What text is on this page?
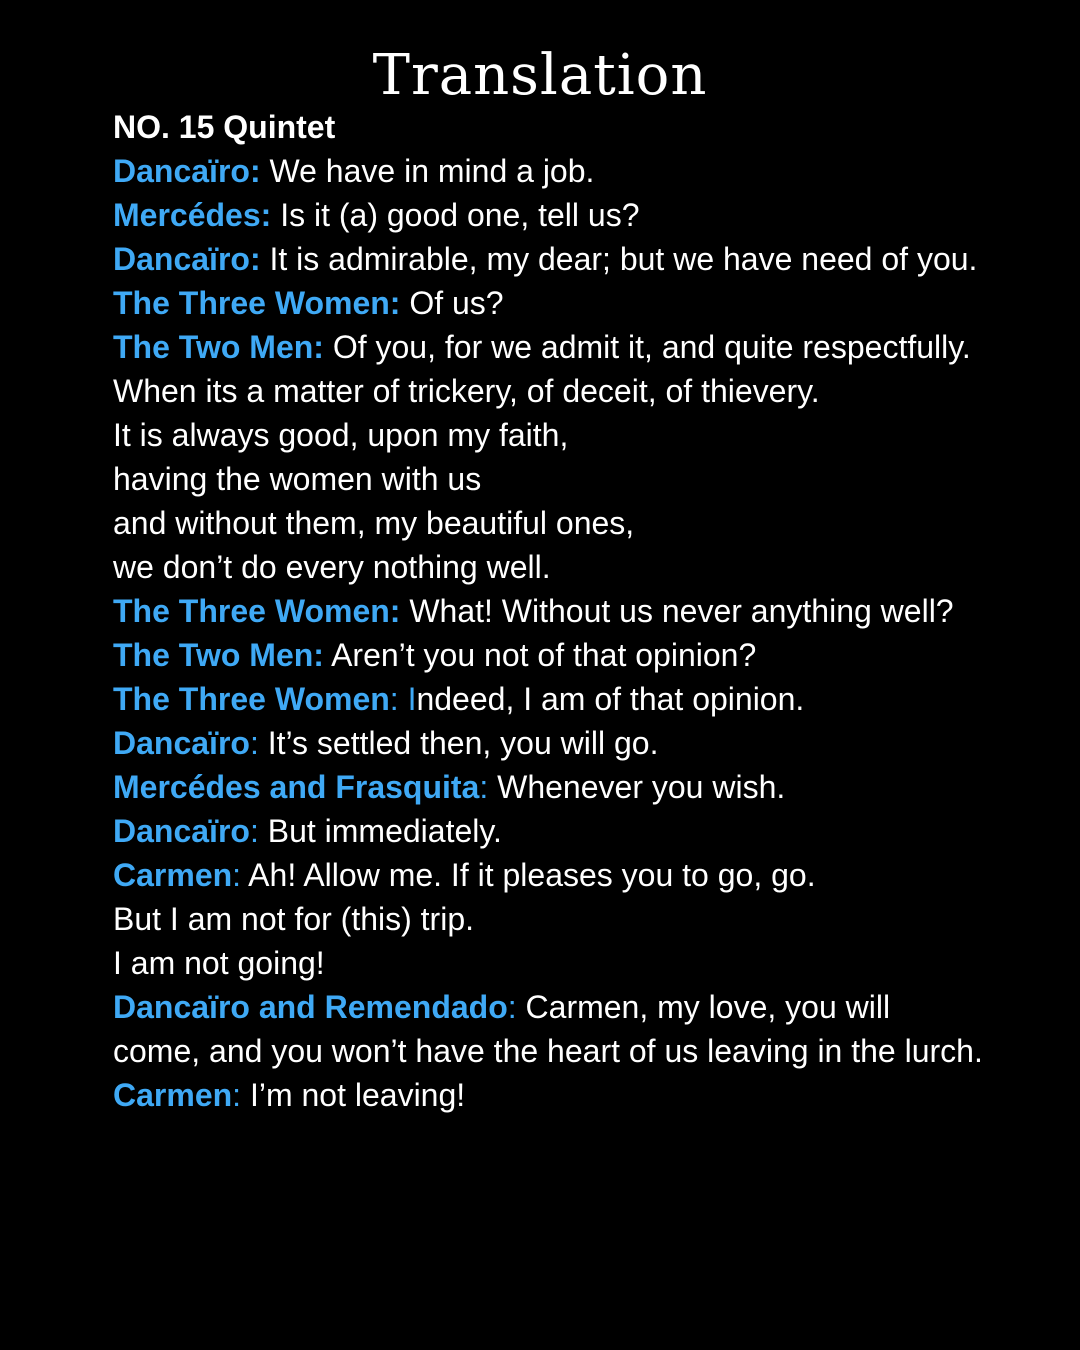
Translation

NO. 15 Quintet

Dancaïro: We have in mind a job.

Mercédes: Is it (a) good one, tell us?

Dancaïro: It is admirable, my dear; but we have need of you.

The Three Women: Of us?

The Two Men: Of you, for we admit it, and quite respectfully.

When its a matter of trickery, of deceit, of thievery.

It is always good, upon my faith,

having the women with us

and without them, my beautiful ones,

we don’t do every nothing well.

The Three Women: What! Without us never anything well?

The Two Men: Aren’t you not of that opinion?

The Three Women: Indeed, I am of that opinion.

Dancaïro: It’s settled then, you will go.

Mercédes and Frasquita: Whenever you wish.

Dancaïro: But immediately.

Carmen: Ah! Allow me. If it pleases you to go, go.

But I am not for (this) trip.

I am not going!

Dancaïro and Remendado: Carmen, my love, you will come, and you won’t have the heart of us leaving in the lurch.

Carmen: I’m not leaving!
